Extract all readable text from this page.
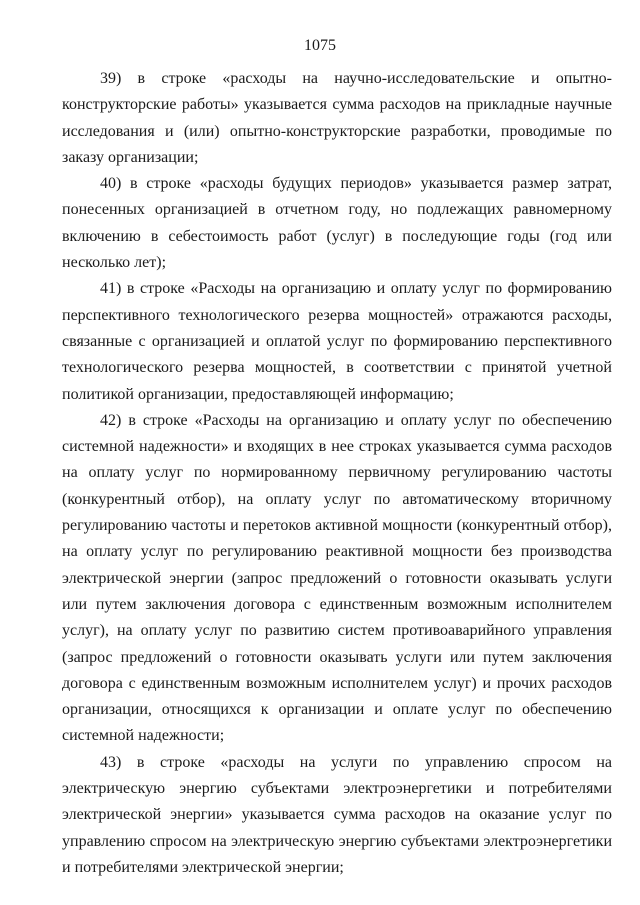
1075

39) в строке «расходы на научно-исследовательские и опытно-конструкторские работы» указывается сумма расходов на прикладные научные исследования и (или) опытно-конструкторские разработки, проводимые по заказу организации;

40) в строке «расходы будущих периодов» указывается размер затрат, понесенных организацией в отчетном году, но подлежащих равномерному включению в себестоимость работ (услуг) в последующие годы (год или несколько лет);

41) в строке «Расходы на организацию и оплату услуг по формированию перспективного технологического резерва мощностей» отражаются расходы, связанные с организацией и оплатой услуг по формированию перспективного технологического резерва мощностей, в соответствии с принятой учетной политикой организации, предоставляющей информацию;

42) в строке «Расходы на организацию и оплату услуг по обеспечению системной надежности» и входящих в нее строках указывается сумма расходов на оплату услуг по нормированному первичному регулированию частоты (конкурентный отбор), на оплату услуг по автоматическому вторичному регулированию частоты и перетоков активной мощности (конкурентный отбор), на оплату услуг по регулированию реактивной мощности без производства электрической энергии (запрос предложений о готовности оказывать услуги или путем заключения договора с единственным возможным исполнителем услуг), на оплату услуг по развитию систем противоаварийного управления (запрос предложений о готовности оказывать услуги или путем заключения договора с единственным возможным исполнителем услуг) и прочих расходов организации, относящихся к организации и оплате услуг по обеспечению системной надежности;

43) в строке «расходы на услуги по управлению спросом на электрическую энергию субъектами электроэнергетики и потребителями электрической энергии» указывается сумма расходов на оказание услуг по управлению спросом на электрическую энергию субъектами электроэнергетики и потребителями электрической энергии;
